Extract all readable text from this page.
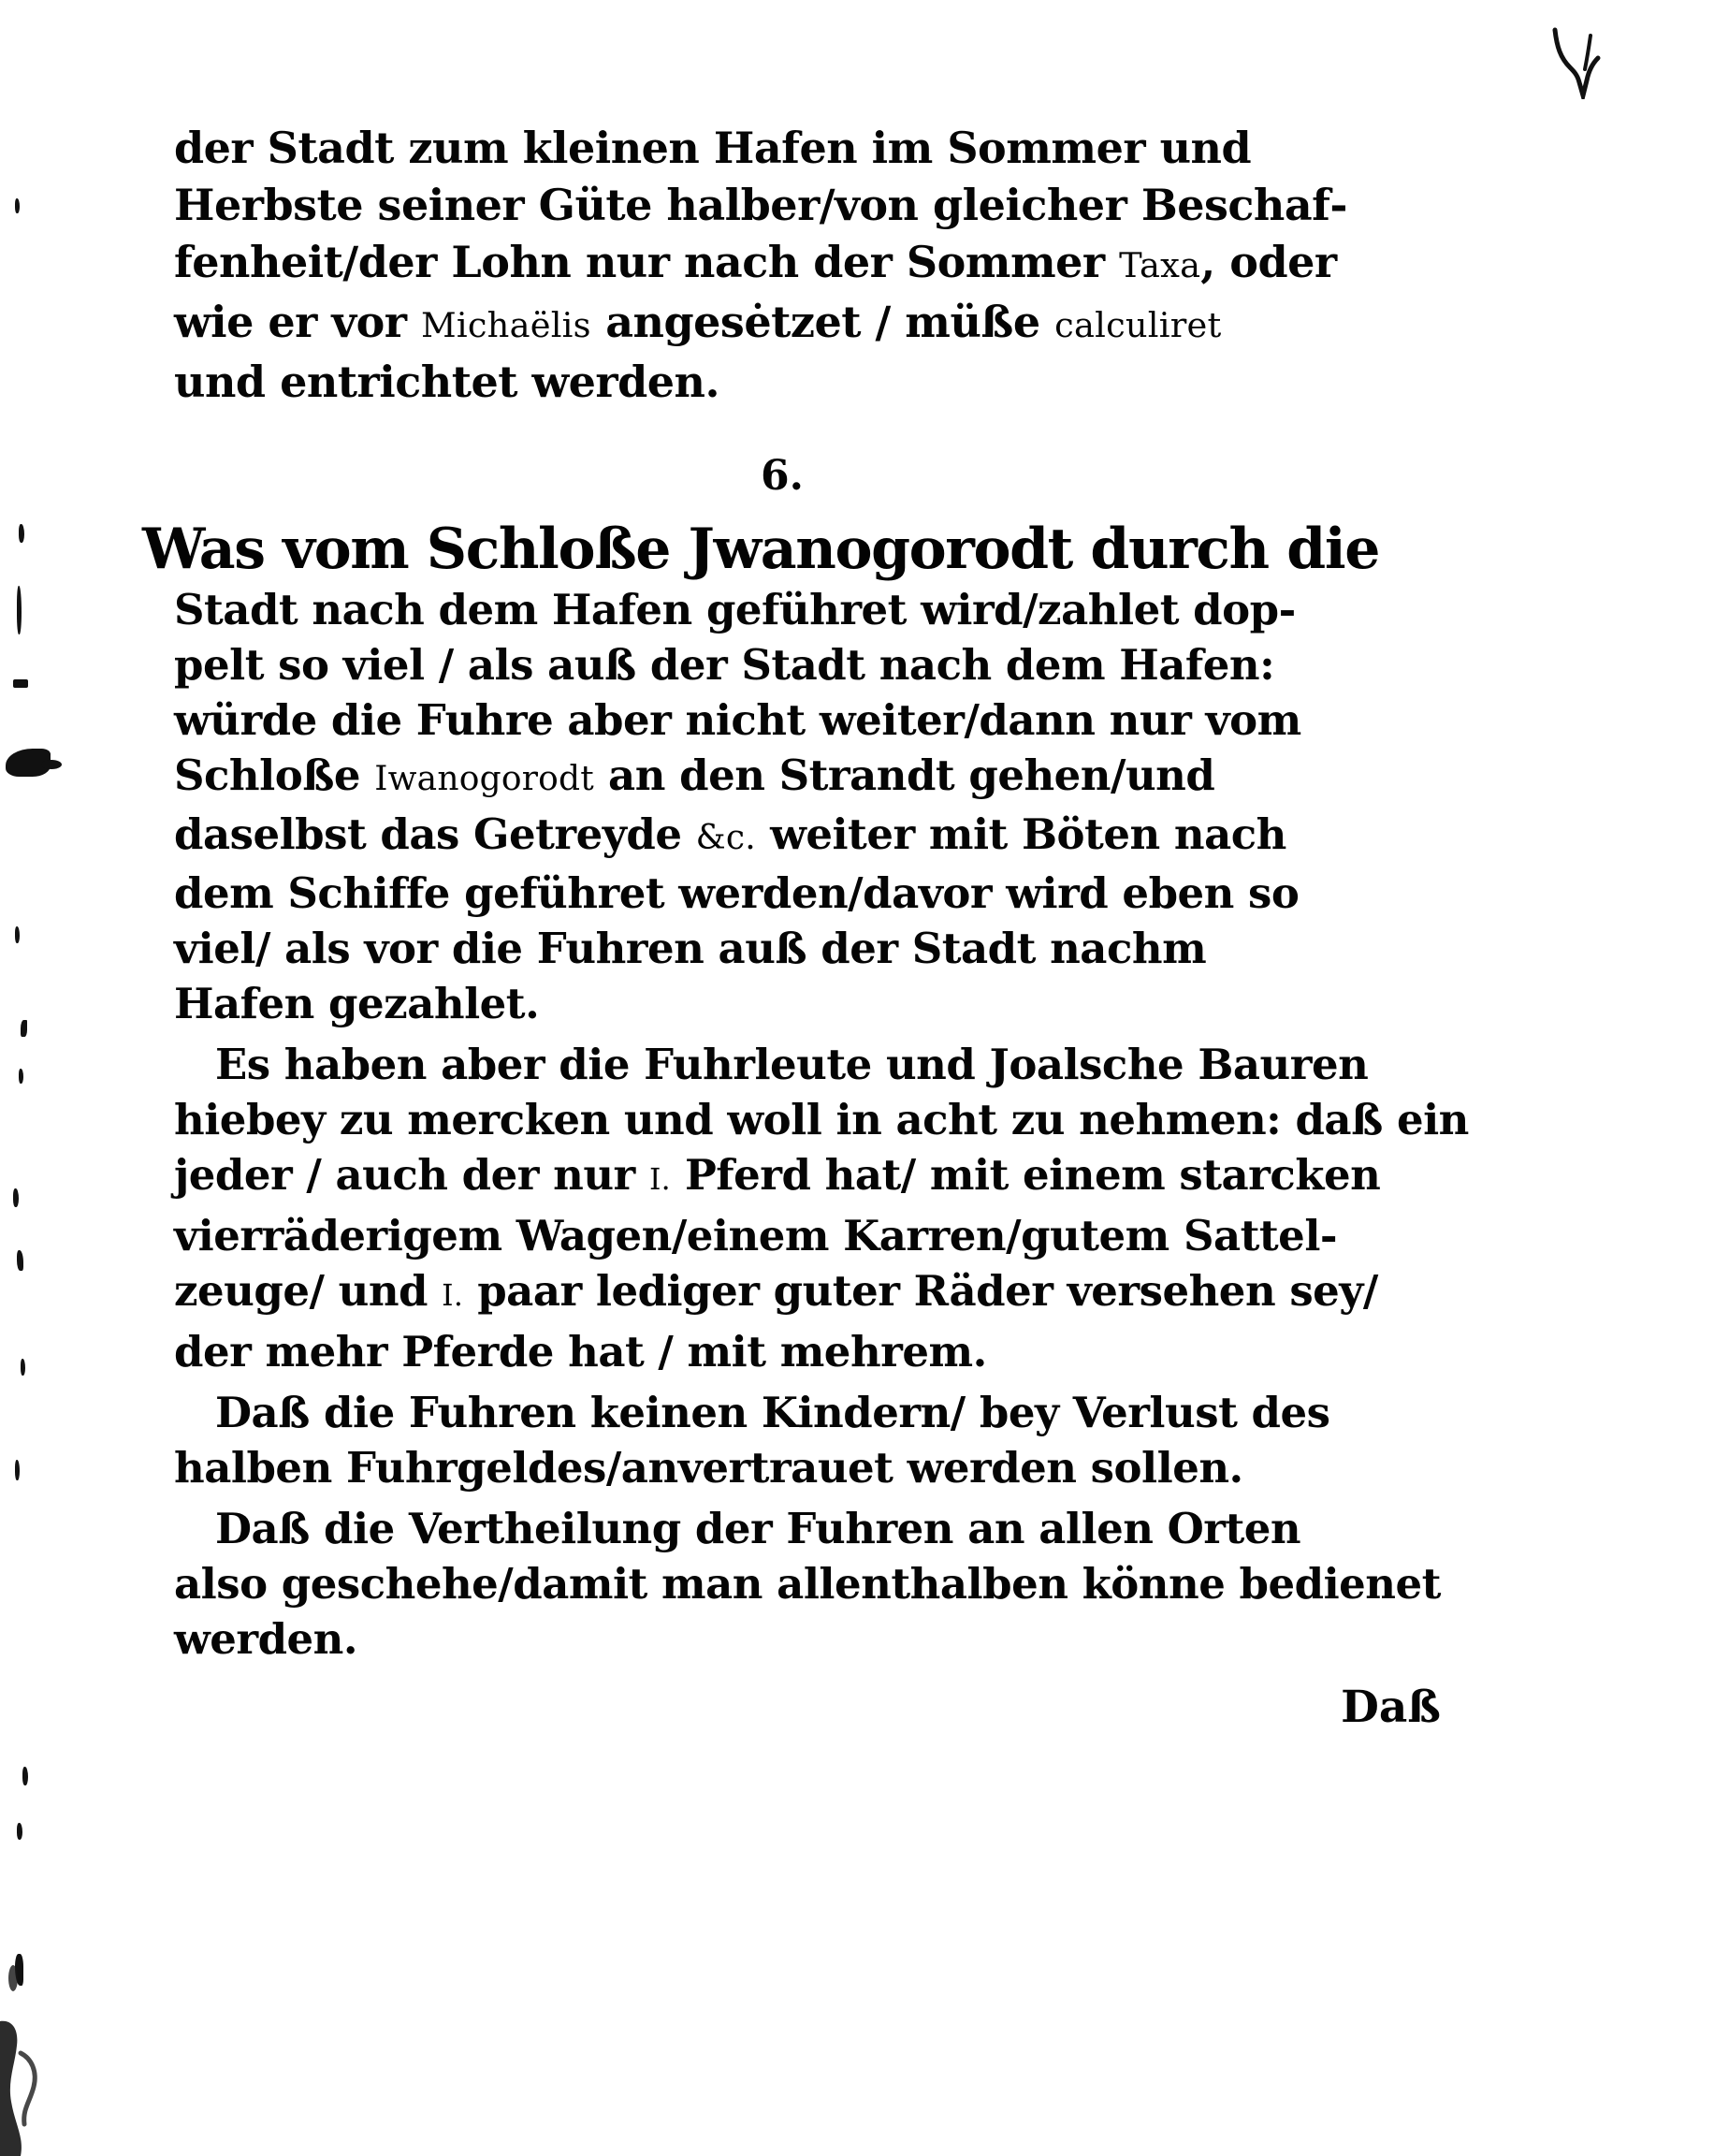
der Stadt zum kleinen Hafen im Sommer und
Herbste seiner Güte halber/von gleicher Beschaf‐
fenheit/der Lohn nur nach der Sommer Taxa, oder
wie er vor Michaëlis angesėtzet / müße calculiret
und entrichtet werden.
6.
Was vom Schloße Jwanogorodt durch die
Stadt nach dem Hafen geführet wird/zahlet dop‐
pelt so viel / als auß der Stadt nach dem Hafen:
würde die Fuhre aber nicht weiter/dann nur vom
Schloße Iwanogorodt an den Strandt gehen/und
daselbst das Getreyde &c. weiter mit Böten nach
dem Schiffe geführet werden/davor wird eben so
viel/ als vor die Fuhren auß der Stadt nachm
Hafen gezahlet.
Es haben aber die Fuhrleute und Joalsche Bauren
hiebey zu mercken und woll in acht zu nehmen: daß ein
jeder / auch der nur I. Pferd hat/ mit einem starcken
vierräderigem Wagen/einem Karren/gutem Sattel‐
zeuge/ und I. paar lediger guter Räder versehen sey/
der mehr Pferde hat / mit mehrem.
Daß die Fuhren keinen Kindern/ bey Verlust des
halben Fuhrgeldes/anvertrauet werden sollen.
Daß die Vertheilung der Fuhren an allen Orten
also geschehe/damit man allenthalben könne bedienet
werden.
Daß
